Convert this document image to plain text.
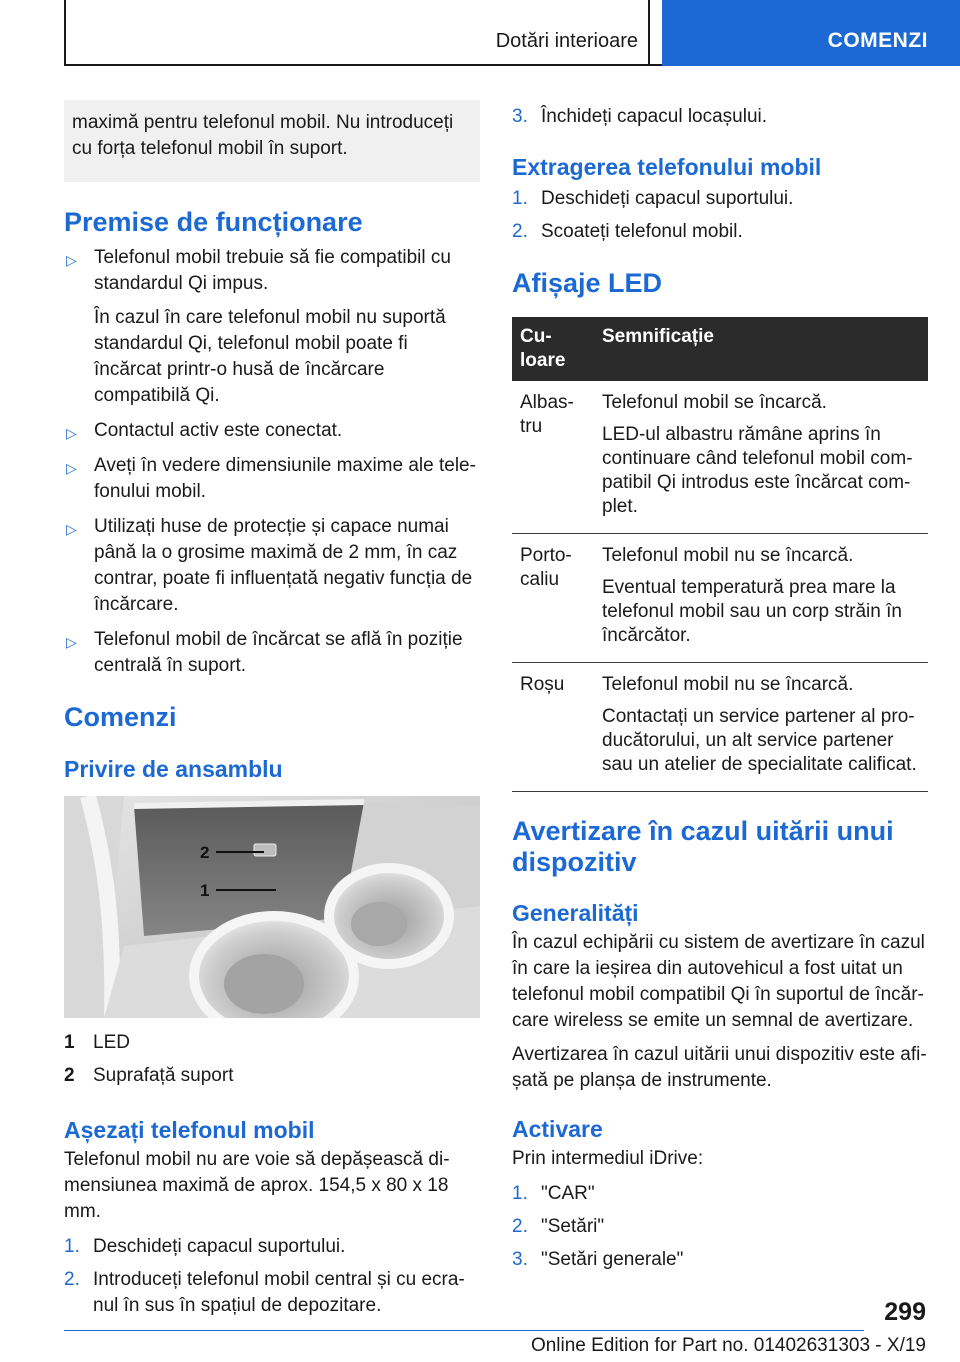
Dotări interioare	COMENZI
maximă pentru telefonul mobil. Nu introduceți cu forța telefonul mobil în suport.
Premise de funcționare
▷ Telefonul mobil trebuie să fie compatibil cu standardul Qi impus.

În cazul în care telefonul mobil nu suportă standardul Qi, telefonul mobil poate fi încărcat printr-o husă de încărcare compatibilă Qi.

▷ Contactul activ este conectat.

▷ Aveți în vedere dimensiunile maxime ale telefonului mobil.

▷ Utilizați huse de protecție și capace numai până la o grosime maximă de 2 mm, în caz contrar, poate fi influențată negativ funcția de încărcare.

▷ Telefonul mobil de încărcat se află în poziție centrală în suport.

Comenzi
Privire de ansamblu
2
1
1 LED
2 Suprafață suport
Așezați telefonul mobil

Telefonul mobil nu are voie să depășească dimensiunea maximă de aprox. 154,5 x 80 x 18 mm.

1. Deschideți capacul suportului.
2. Introduceți telefonul mobil central și cu ecranul în sus în spațiul de depozitare.
3. Închideți capacul locașului.
Extragerea telefonului mobil
1. Deschideți capacul suportului.
2. Scoateți telefonul mobil.
Afișaje LED
Culoare	Semnificație
Albastru	Telefonul mobil se încarcă.

LED-ul albastru rămâne aprins în continuare când telefonul mobil compatibil Qi introdus este încărcat complet.

Portocaliu	Telefonul mobil nu se încarcă.

Eventual temperatură prea mare la telefonul mobil sau un corp străin în încărcător.

Roșu	Telefonul mobil nu se încarcă.

Contactați un service partener al producătorului, un alt service partener sau un atelier de specialitate calificat.

Avertizare în cazul uitării unui dispozitiv
Generalități

În cazul echipării cu sistem de avertizare în cazul în care la ieșirea din autovehicul a fost uitat un telefonul mobil compatibil Qi în suportul de încărcare wireless se emite un semnal de avertizare.

Avertizarea în cazul uitării unui dispozitiv este afișată pe planșa de instrumente.

Activare

Prin intermediul iDrive:

1. "CAR"
2. "Setări"
3. "Setări generale"
299
Online Edition for Part no. 01402631303 - X/19
